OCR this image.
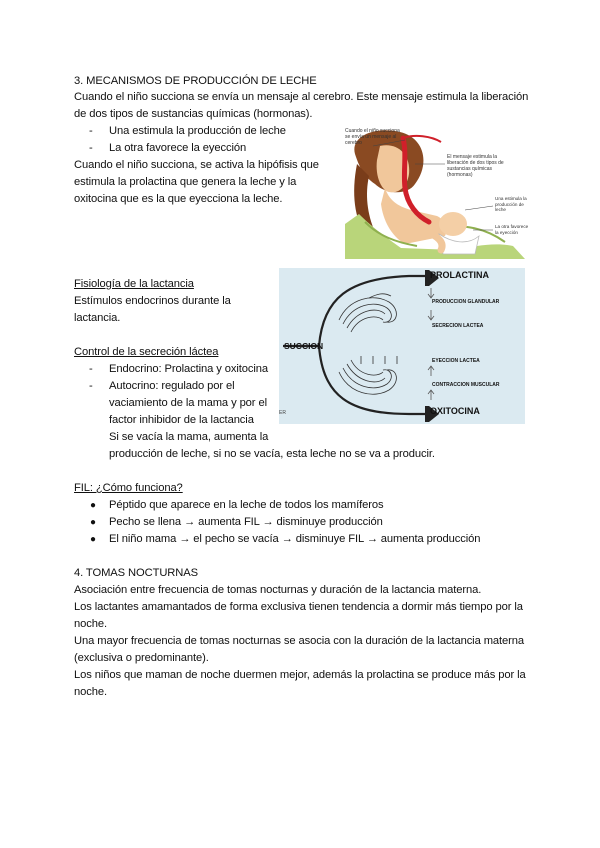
3. MECANISMOS DE PRODUCCIÓN DE LECHE
Cuando el niño succiona se envía un mensaje al cerebro. Este mensaje estimula la liberación
de dos tipos de sustancias químicas (hormonas).
- Una estimula la producción de leche
- La otra favorece la eyección
Cuando el niño succiona, se activa la hipófisis que
estimula la prolactina que genera la leche y la
oxitocina que es la que eyecciona la leche.
Cuando el niño succiona se envía un mensaje al cerebro
El mensaje estimula la liberación de dos tipos de sustancias químicas (hormonas)
Una estimula la producción de leche
La otra favorece la eyección
Fisiología de la lactancia
Estímulos endocrinos durante la
lactancia.
Control de la secreción láctea
- Endocrino: Prolactina y oxitocina
- Autocrino: regulado por el
vaciamiento de la mama y por el
factor inhibidor de la lactancia
Si se vacía la mama, aumenta la
producción de leche, si no se vacía, esta leche no se va a producir.
SUCCION
PROLACTINA
PRODUCCION GLANDULAR
SECRECION LACTEA
EYECCION LACTEA
CONTRACCION MUSCULAR
OXITOCINA
ER
FIL: ¿Cómo funciona?
● Péptido que aparece en la leche de todos los mamíferos
● Pecho se llena → aumenta FIL → disminuye producción
● El niño mama → el pecho se vacía → disminuye FIL → aumenta producción
4. TOMAS NOCTURNAS
Asociación entre frecuencia de tomas nocturnas y duración de la lactancia materna.
Los lactantes amamantados de forma exclusiva tienen tendencia a dormir más tiempo por la
noche.
Una mayor frecuencia de tomas nocturnas se asocia con la duración de la lactancia materna
(exclusiva o predominante).
Los niños que maman de noche duermen mejor, además la prolactina se produce más por la
noche.
